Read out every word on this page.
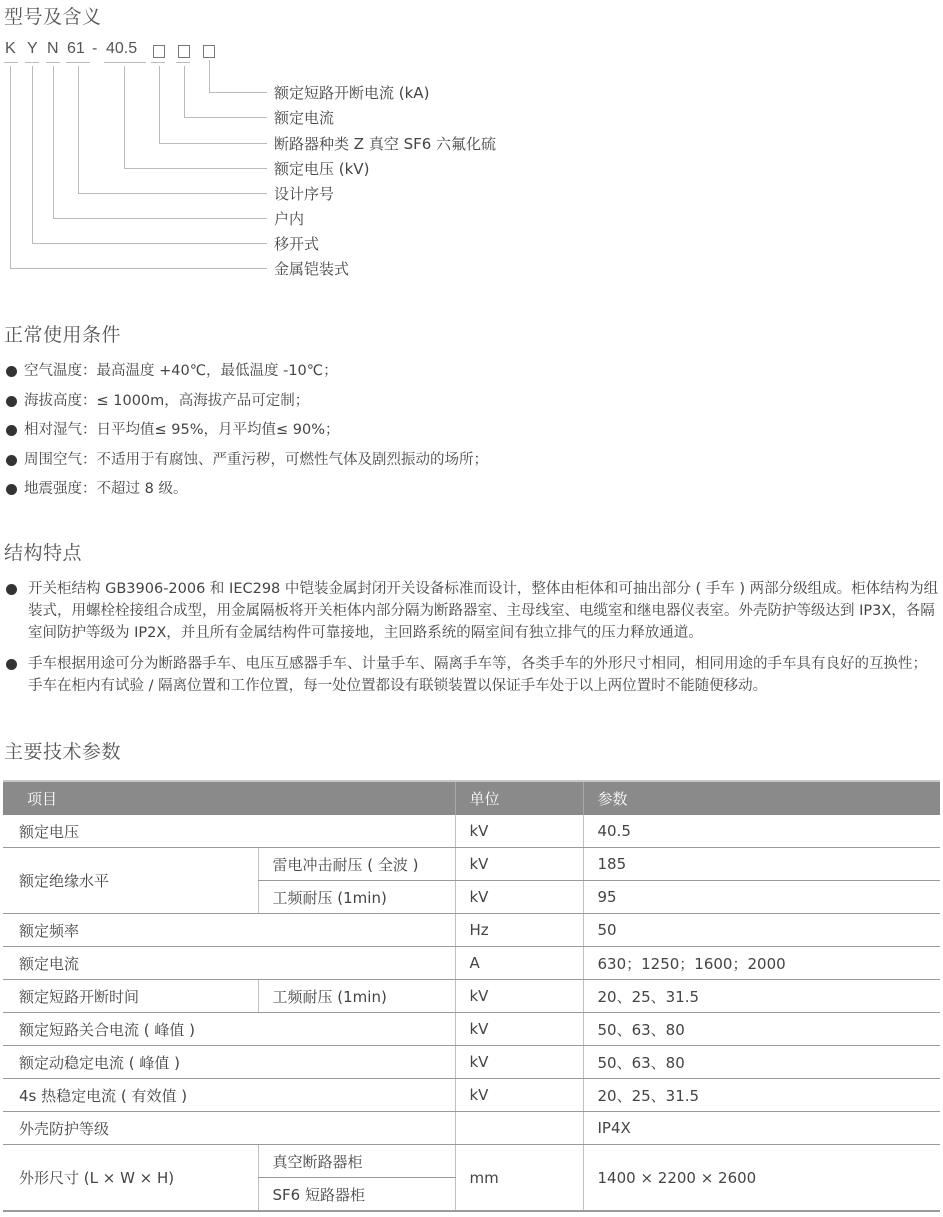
型号及含义
K Y N 61 - 40.5
额定短路开断电流 (kA)
额定电流
断路器种类 Z 真空 SF6 六氟化硫
额定电压 (kV)
设计序号
户内
移开式
金属铠装式
正常使用条件
空气温度：最高温度 +40℃，最低温度 -10℃；
海拔高度：≤ 1000m，高海拔产品可定制；
相对湿气：日平均值≤ 95%，月平均值≤ 90%；
周围空气：不适用于有腐蚀、严重污秽，可燃性气体及剧烈振动的场所；
地震强度：不超过 8 级。
结构特点
开关柜结构 GB3906-2006 和 IEC298 中铠装金属封闭开关设备标准而设计，整体由柜体和可抽出部分 ( 手车 ) 两部分级组成。柜体结构为组装式，用螺栓栓接组合成型，用金属隔板将开关柜体内部分隔为断路器室、主母线室、电缆室和继电器仪表室。外壳防护等级达到 IP3X，各隔室间防护等级为 IP2X，并且所有金属结构件可靠接地，主回路系统的隔室间有独立排气的压力释放通道。
手车根据用途可分为断路器手车、电压互感器手车、计量手车、隔离手车等，各类手车的外形尺寸相同，相同用途的手车具有良好的互换性；手车在柜内有试验 / 隔离位置和工作位置，每一处位置都设有联锁装置以保证手车处于以上两位置时不能随便移动。
主要技术参数
项目		单位	参数
额定电压		kV	40.5
额定绝缘水平	雷电冲击耐压 ( 全波 )	kV	185
	工频耐压 (1min)	kV	95
额定频率		Hz	50
额定电流		A	630；1250；1600；2000
额定短路开断时间	工频耐压 (1min)	kV	20、25、31.5
额定短路关合电流 ( 峰值 )		kV	50、63、80
额定动稳定电流 ( 峰值 )		kV	50、63、80
4s 热稳定电流 ( 有效值 )		kV	20、25、31.5
外壳防护等级			IP4X
外形尺寸 (L × W × H)	真空断路器柜	mm	1400 × 2200 × 2600
	SF6 短路器柜		
